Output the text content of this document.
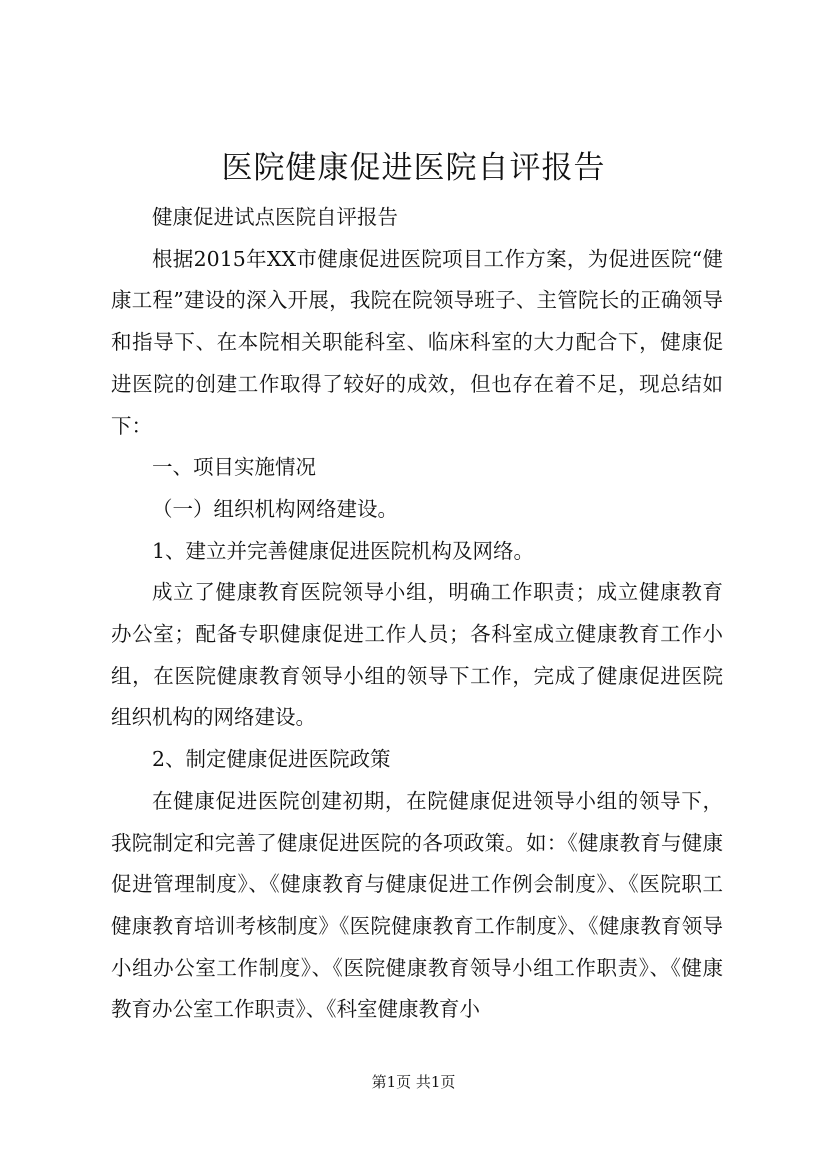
医院健康促进医院自评报告

健康促进试点医院自评报告

根据2015年XX市健康促进医院项目工作方案，为促进医院“健康工程”建设的深入开展，我院在院领导班子、主管院长的正确领导和指导下、在本院相关职能科室、临床科室的大力配合下，健康促进医院的创建工作取得了较好的成效，但也存在着不足，现总结如下：

一、项目实施情况

（一）组织机构网络建设。

1、建立并完善健康促进医院机构及网络。

成立了健康教育医院领导小组，明确工作职责；成立健康教育办公室；配备专职健康促进工作人员；各科室成立健康教育工作小组，在医院健康教育领导小组的领导下工作，完成了健康促进医院组织机构的网络建设。

2、制定健康促进医院政策

在健康促进医院创建初期，在院健康促进领导小组的领导下，我院制定和完善了健康促进医院的各项政策。如：《健康教育与健康促进管理制度》、《健康教育与健康促进工作例会制度》、《医院职工健康教育培训考核制度》《医院健康教育工作制度》、《健康教育领导小组办公室工作制度》、《医院健康教育领导小组工作职责》、《健康教育办公室工作职责》、《科室健康教育小

第1页 共1页
